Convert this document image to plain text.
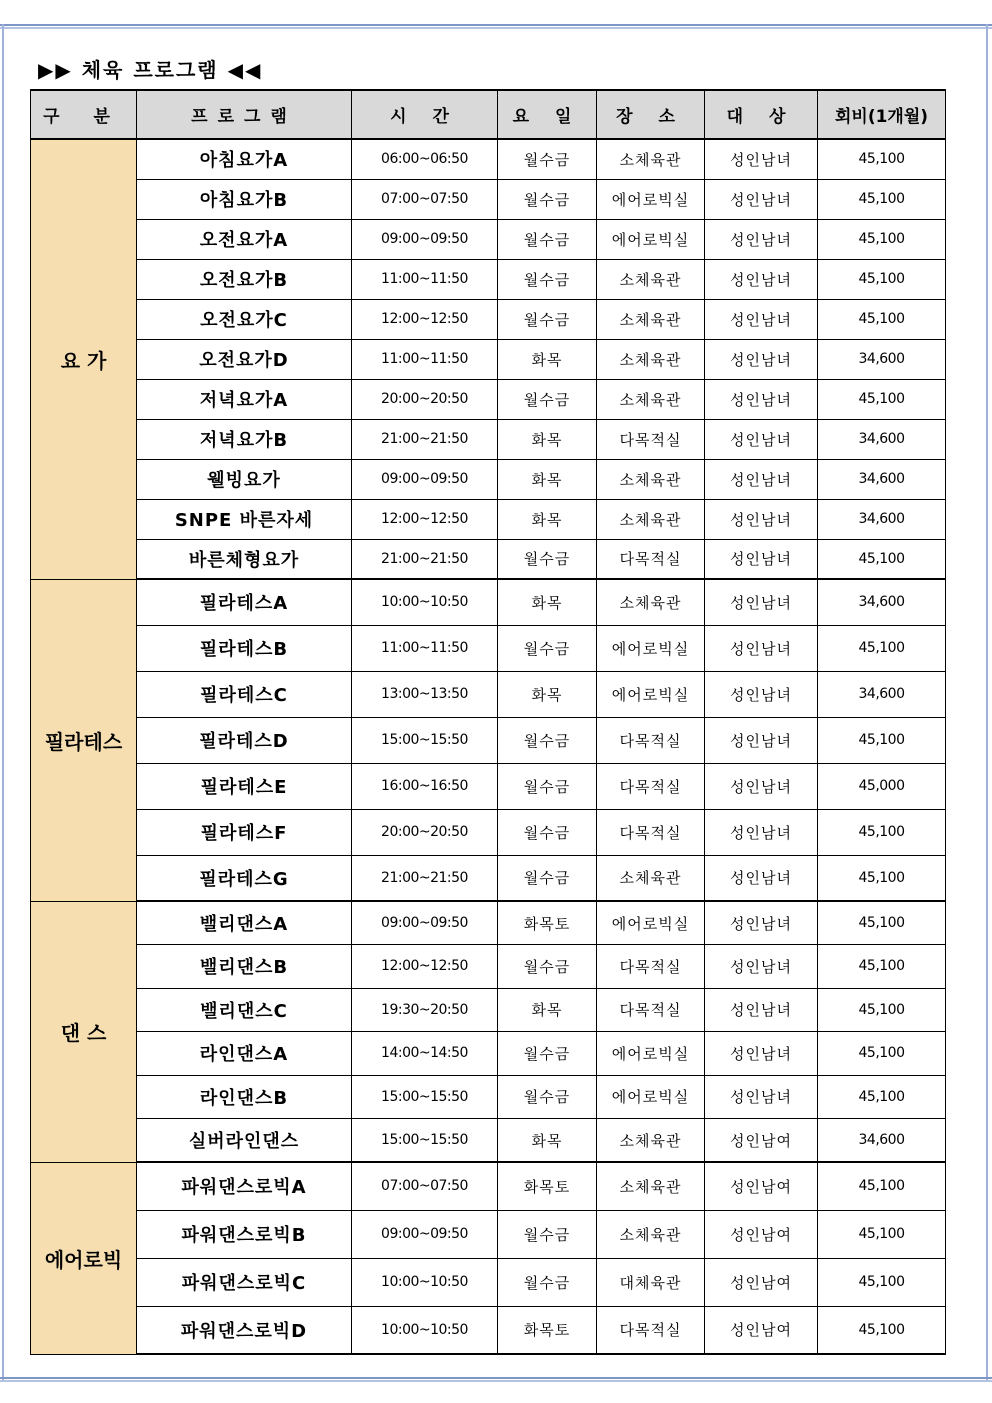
▶▶ 체육 프로그램 ◀◀
구 분	프로그램	시 간	요 일	장 소	대 상	회비(1개월)
요 가	아침요가A	06:00~06:50	월수금	소체육관	성인남녀	45,100
	아침요가B	07:00~07:50	월수금	에어로빅실	성인남녀	45,100
	오전요가A	09:00~09:50	월수금	에어로빅실	성인남녀	45,100
	오전요가B	11:00~11:50	월수금	소체육관	성인남녀	45,100
	오전요가C	12:00~12:50	월수금	소체육관	성인남녀	45,100
	오전요가D	11:00~11:50	화목	소체육관	성인남녀	34,600
	저녁요가A	20:00~20:50	월수금	소체육관	성인남녀	45,100
	저녁요가B	21:00~21:50	화목	다목적실	성인남녀	34,600
	웰빙요가	09:00~09:50	화목	소체육관	성인남녀	34,600
	SNPE 바른자세	12:00~12:50	화목	소체육관	성인남녀	34,600
	바른체형요가	21:00~21:50	월수금	다목적실	성인남녀	45,100
필라테스	필라테스A	10:00~10:50	화목	소체육관	성인남녀	34,600
	필라테스B	11:00~11:50	월수금	에어로빅실	성인남녀	45,100
	필라테스C	13:00~13:50	화목	에어로빅실	성인남녀	34,600
	필라테스D	15:00~15:50	월수금	다목적실	성인남녀	45,100
	필라테스E	16:00~16:50	월수금	다목적실	성인남녀	45,000
	필라테스F	20:00~20:50	월수금	다목적실	성인남녀	45,100
	필라테스G	21:00~21:50	월수금	소체육관	성인남녀	45,100
댄 스	밸리댄스A	09:00~09:50	화목토	에어로빅실	성인남녀	45,100
	밸리댄스B	12:00~12:50	월수금	다목적실	성인남녀	45,100
	밸리댄스C	19:30~20:50	화목	다목적실	성인남녀	45,100
	라인댄스A	14:00~14:50	월수금	에어로빅실	성인남녀	45,100
	라인댄스B	15:00~15:50	월수금	에어로빅실	성인남녀	45,100
	실버라인댄스	15:00~15:50	화목	소체육관	성인남여	34,600
에어로빅	파워댄스로빅A	07:00~07:50	화목토	소체육관	성인남여	45,100
	파워댄스로빅B	09:00~09:50	월수금	소체육관	성인남여	45,100
	파워댄스로빅C	10:00~10:50	월수금	대체육관	성인남여	45,100
	파워댄스로빅D	10:00~10:50	화목토	다목적실	성인남여	45,100
